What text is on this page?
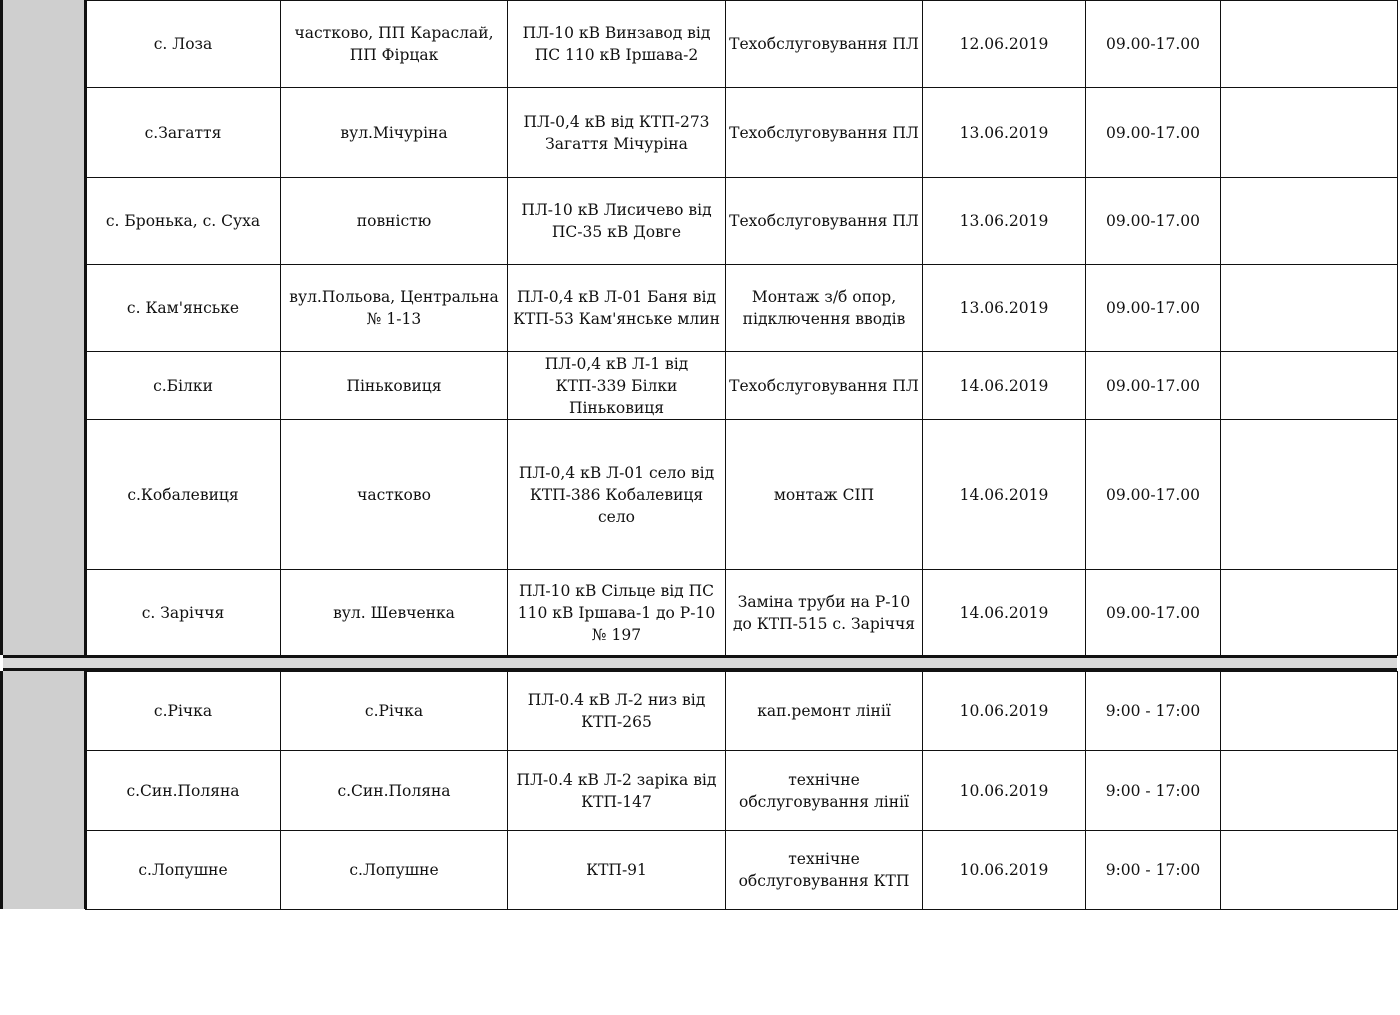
с. Лоза	частково, ПП Караслай, ПП Фірцак	ПЛ-10 кВ Винзавод від ПС 110 кВ Іршава-2	Техобслуговування ПЛ	12.06.2019	09.00-17.00	
с.Загаття	вул.Мічуріна	ПЛ-0,4 кВ від КТП-273 Загаття Мічуріна	Техобслуговування ПЛ	13.06.2019	09.00-17.00	
с. Бронька, с. Суха	повністю	ПЛ-10 кВ Лисичево від ПС-35 кВ Довге	Техобслуговування ПЛ	13.06.2019	09.00-17.00	
с. Кам'янське	вул.Польова, Центральна № 1-13	ПЛ-0,4 кВ Л-01 Баня від КТП-53 Кам'янське млин	Монтаж з/б опор, підключення вводів	13.06.2019	09.00-17.00	
с.Білки	Піньковиця	ПЛ-0,4 кВ Л-1 від КТП-339 Білки Піньковиця	Техобслуговування ПЛ	14.06.2019	09.00-17.00	
с.Кобалевиця	частково	ПЛ-0,4 кВ Л-01 село від КТП-386 Кобалевиця село	монтаж СІП	14.06.2019	09.00-17.00	
с. Заріччя	вул. Шевченка	ПЛ-10 кВ Сільце від ПС 110 кВ Іршава-1 до Р-10 № 197	Заміна труби на Р-10 до КТП-515 с. Заріччя	14.06.2019	09.00-17.00	
с.Річка	с.Річка	ПЛ-0.4 кВ Л-2 низ від КТП-265	кап.ремонт лінії	10.06.2019	9:00 - 17:00	
с.Син.Поляна	с.Син.Поляна	ПЛ-0.4 кВ Л-2 заріка від КТП-147	технічне обслуговування лінії	10.06.2019	9:00 - 17:00	
с.Лопушне	с.Лопушне	КТП-91	технічне обслуговування КТП	10.06.2019	9:00 - 17:00	
